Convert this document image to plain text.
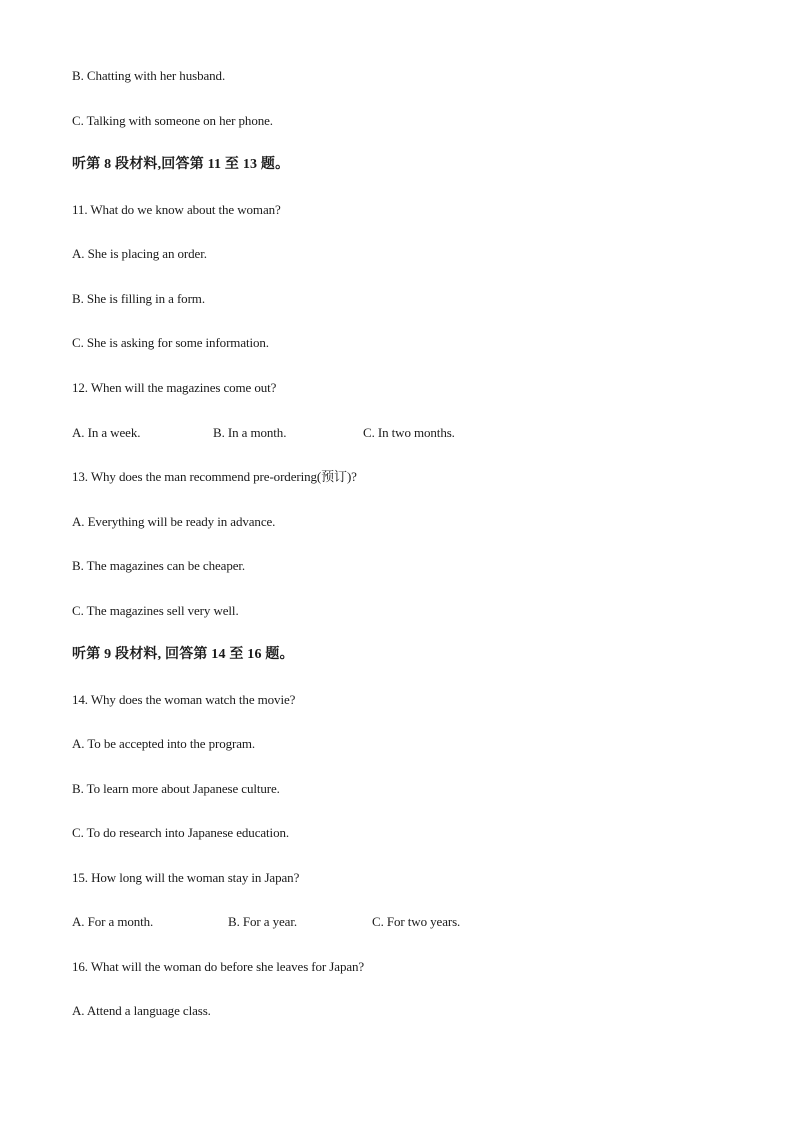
B. Chatting with her husband.
C. Talking with someone on her phone.
听第 8 段材料,回答第 11 至 13 题。
11. What do we know about the woman?
A. She is placing an order.
B. She is filling in a form.
C. She is asking for some information.
12. When will the magazines come out?
A. In a week.	B. In a month.	C. In two months.
13. Why does the man recommend pre-ordering(预订)?
A. Everything will be ready in advance.
B. The magazines can be cheaper.
C. The magazines sell very well.
听第 9 段材料, 回答第 14 至 16 题。
14. Why does the woman watch the movie?
A. To be accepted into the program.
B. To learn more about Japanese culture.
C. To do research into Japanese education.
15. How long will the woman stay in Japan?
A. For a month.	B. For a year.	C. For two years.
16. What will the woman do before she leaves for Japan?
A. Attend a language class.
